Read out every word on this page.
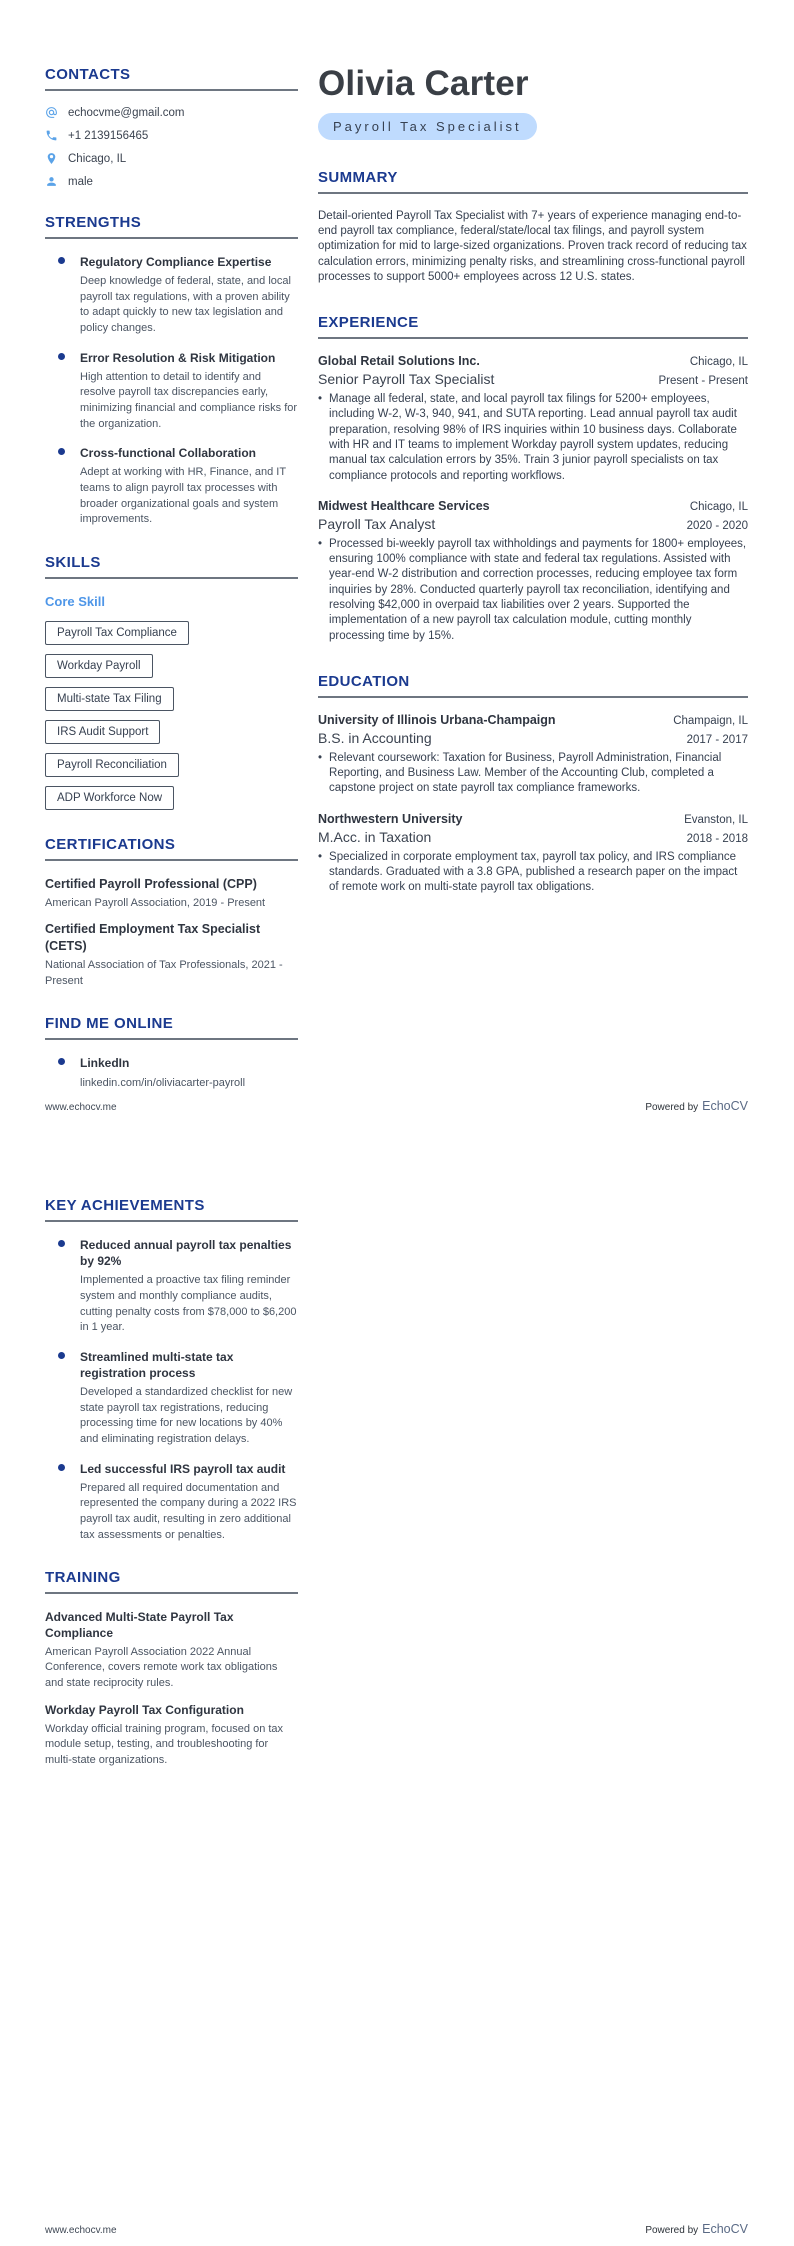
CONTACTS
echocvme@gmail.com
+1 2139156465
Chicago, IL
male
STRENGTHS
Regulatory Compliance Expertise
Deep knowledge of federal, state, and local payroll tax regulations, with a proven ability to adapt quickly to new tax legislation and policy changes.
Error Resolution & Risk Mitigation
High attention to detail to identify and resolve payroll tax discrepancies early, minimizing financial and compliance risks for the organization.
Cross-functional Collaboration
Adept at working with HR, Finance, and IT teams to align payroll tax processes with broader organizational goals and system improvements.
SKILLS
Core Skill
Payroll Tax Compliance
Workday Payroll
Multi-state Tax Filing
IRS Audit Support
Payroll Reconciliation
ADP Workforce Now
CERTIFICATIONS
Certified Payroll Professional (CPP)
American Payroll Association, 2019 - Present
Certified Employment Tax Specialist (CETS)
National Association of Tax Professionals, 2021 - Present
FIND ME ONLINE
LinkedIn
linkedin.com/in/oliviacarter-payroll
Olivia Carter
Payroll Tax Specialist
SUMMARY
Detail-oriented Payroll Tax Specialist with 7+ years of experience managing end-to-end payroll tax compliance, federal/state/local tax filings, and payroll system optimization for mid to large-sized organizations. Proven track record of reducing tax calculation errors, minimizing penalty risks, and streamlining cross-functional payroll processes to support 5000+ employees across 12 U.S. states.
EXPERIENCE
Global Retail Solutions Inc.	Chicago, IL
Senior Payroll Tax Specialist	Present - Present
• Manage all federal, state, and local payroll tax filings for 5200+ employees, including W-2, W-3, 940, 941, and SUTA reporting. Lead annual payroll tax audit preparation, resolving 98% of IRS inquiries within 10 business days. Collaborate with HR and IT teams to implement Workday payroll system updates, reducing manual tax calculation errors by 35%. Train 3 junior payroll specialists on tax compliance protocols and reporting workflows.
Midwest Healthcare Services	Chicago, IL
Payroll Tax Analyst	2020 - 2020
• Processed bi-weekly payroll tax withholdings and payments for 1800+ employees, ensuring 100% compliance with state and federal tax regulations. Assisted with year-end W-2 distribution and correction processes, reducing employee tax form inquiries by 28%. Conducted quarterly payroll tax reconciliation, identifying and resolving $42,000 in overpaid tax liabilities over 2 years. Supported the implementation of a new payroll tax calculation module, cutting monthly processing time by 15%.
EDUCATION
University of Illinois Urbana-Champaign	Champaign, IL
B.S. in Accounting	2017 - 2017
• Relevant coursework: Taxation for Business, Payroll Administration, Financial Reporting, and Business Law. Member of the Accounting Club, completed a capstone project on state payroll tax compliance frameworks.
Northwestern University	Evanston, IL
M.Acc. in Taxation	2018 - 2018
• Specialized in corporate employment tax, payroll tax policy, and IRS compliance standards. Graduated with a 3.8 GPA, published a research paper on the impact of remote work on multi-state payroll tax obligations.
www.echocv.me	Powered by EchoCV
KEY ACHIEVEMENTS
Reduced annual payroll tax penalties by 92%
Implemented a proactive tax filing reminder system and monthly compliance audits, cutting penalty costs from $78,000 to $6,200 in 1 year.
Streamlined multi-state tax registration process
Developed a standardized checklist for new state payroll tax registrations, reducing processing time for new locations by 40% and eliminating registration delays.
Led successful IRS payroll tax audit
Prepared all required documentation and represented the company during a 2022 IRS payroll tax audit, resulting in zero additional tax assessments or penalties.
TRAINING
Advanced Multi-State Payroll Tax Compliance
American Payroll Association 2022 Annual Conference, covers remote work tax obligations and state reciprocity rules.
Workday Payroll Tax Configuration
Workday official training program, focused on tax module setup, testing, and troubleshooting for multi-state organizations.
www.echocv.me	Powered by EchoCV
